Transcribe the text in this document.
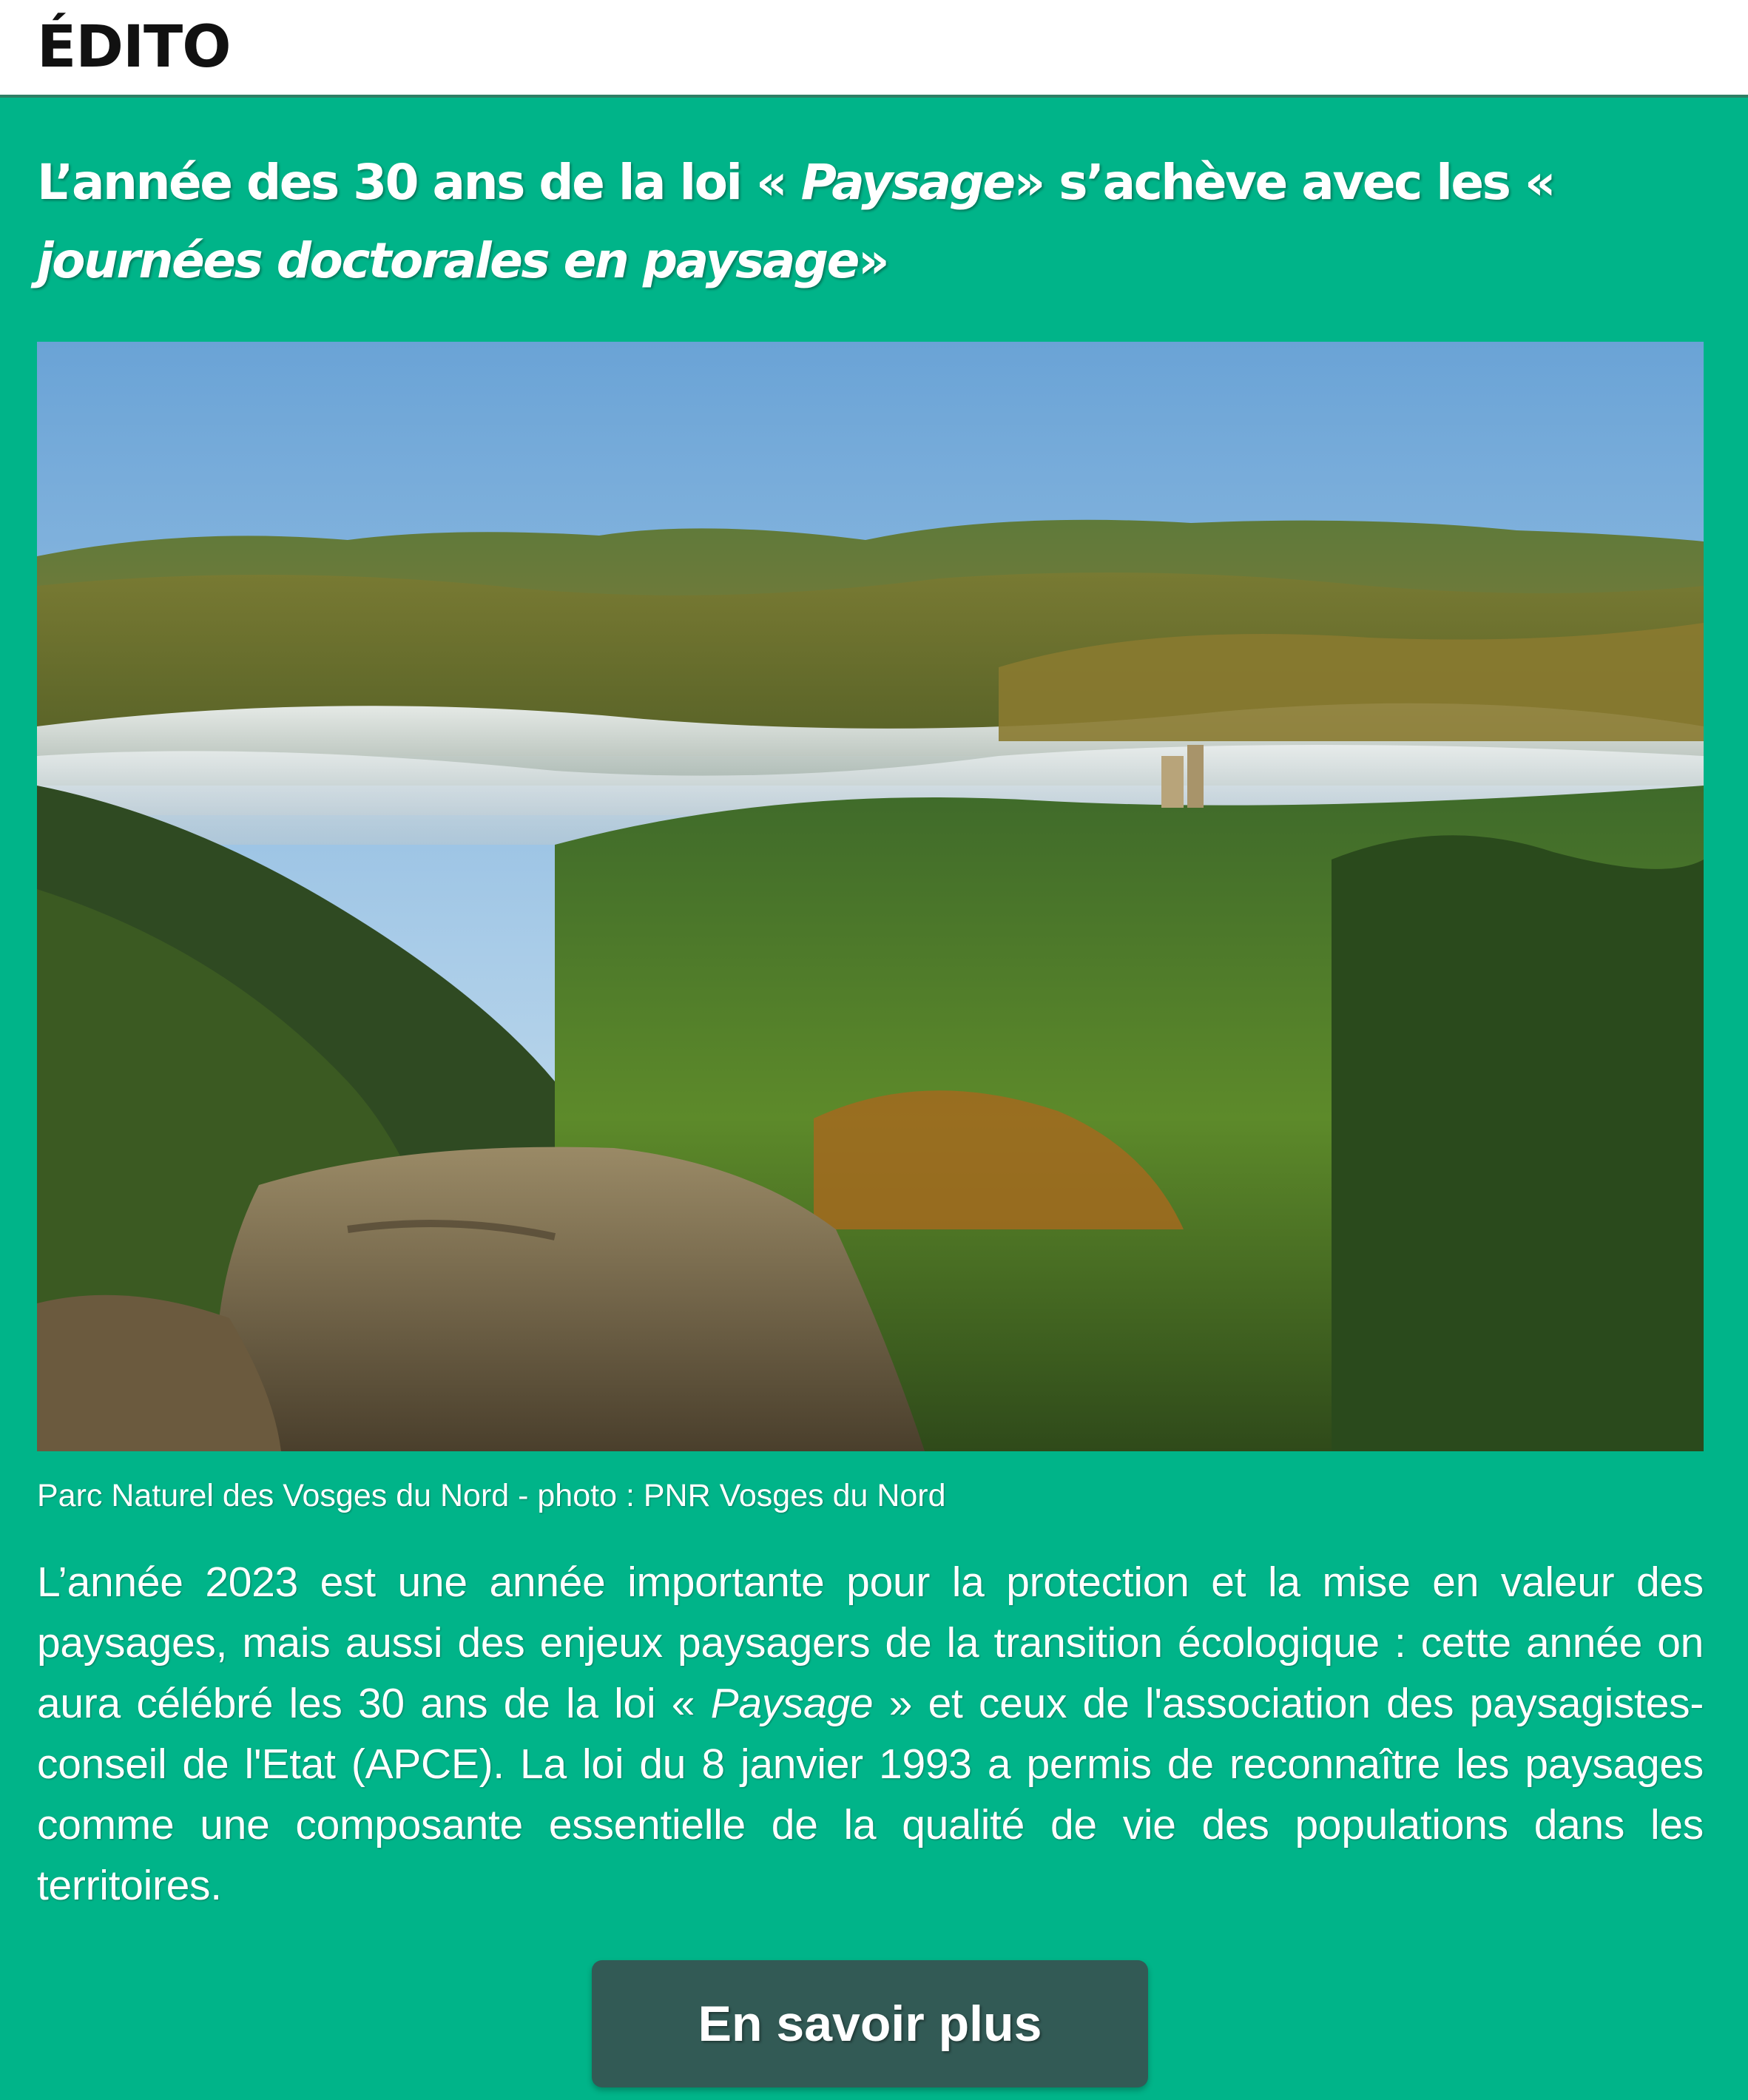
ÉDITO
L’année des 30 ans de la loi « Paysage» s’achève avec les « journées doctorales en paysage»
Parc Naturel des Vosges du Nord - photo : PNR Vosges du Nord

L’année 2023 est une année importante pour la protection et la mise en valeur des paysages, mais aussi des enjeux paysagers de la transition écologique : cette année on aura célébré les 30 ans de la loi « Paysage » et ceux de l'association des paysagistes-conseil de l'Etat (APCE). La loi du 8 janvier 1993 a permis de reconnaître les paysages comme une composante essentielle de la qualité de vie des populations dans les territoires.

En savoir plus
